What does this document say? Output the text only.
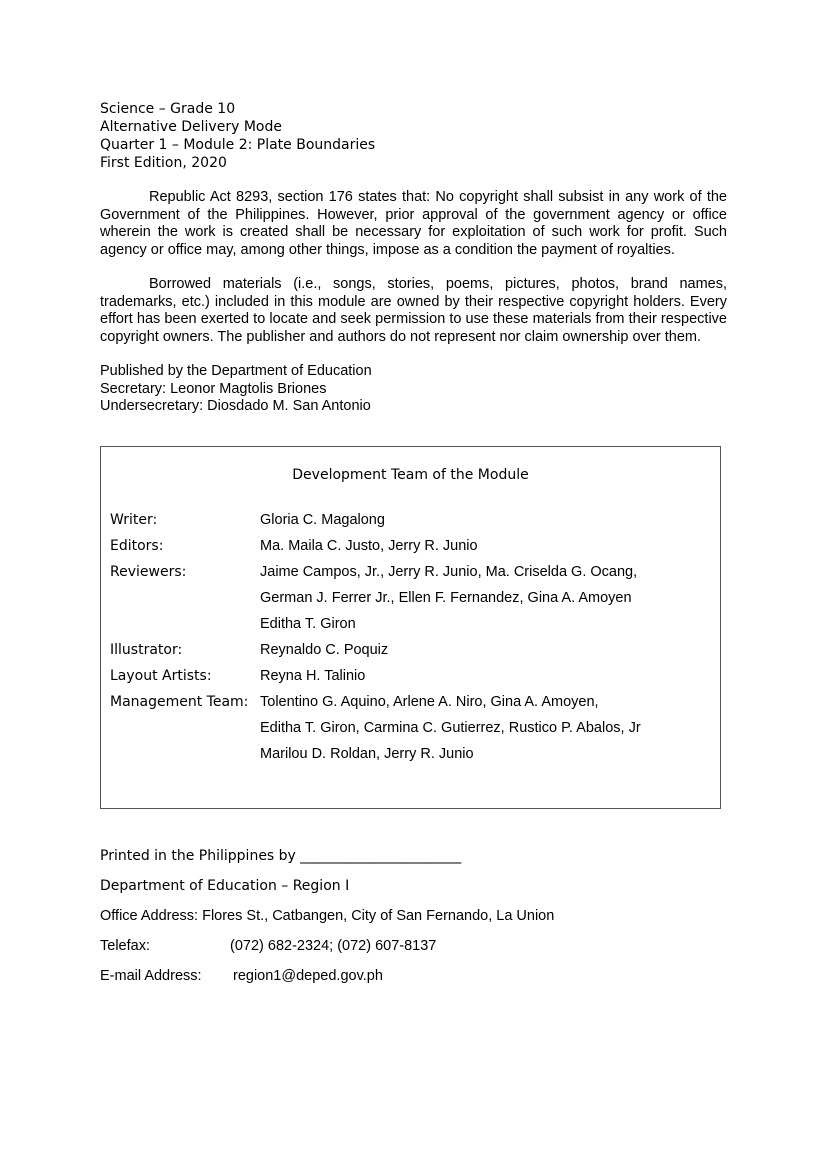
Science – Grade 10
Alternative Delivery Mode
Quarter 1 – Module 2: Plate Boundaries
First Edition, 2020

Republic Act 8293, section 176 states that: No copyright shall subsist in any work of the Government of the Philippines. However, prior approval of the government agency or office wherein the work is created shall be necessary for exploitation of such work for profit. Such agency or office may, among other things, impose as a condition the payment of royalties.

Borrowed materials (i.e., songs, stories, poems, pictures, photos, brand names, trademarks, etc.) included in this module are owned by their respective copyright holders. Every effort has been exerted to locate and seek permission to use these materials from their respective copyright owners. The publisher and authors do not represent nor claim ownership over them.

Published by the Department of Education
Secretary: Leonor Magtolis Briones
Undersecretary: Diosdado M. San Antonio
Development Team of the Module
Writer:	Gloria C. Magalong
Editors:	Ma. Maila C. Justo, Jerry R. Junio
Reviewers:	Jaime Campos, Jr., Jerry R. Junio, Ma. Criselda G. Ocang,
German J. Ferrer Jr., Ellen F. Fernandez, Gina A. Amoyen
Editha T. Giron
Illustrator:	Reynaldo C. Poquiz
Layout Artists:	Reyna H. Talinio
Management Team: Tolentino G. Aquino, Arlene A. Niro, Gina A. Amoyen,
Editha T. Giron, Carmina C. Gutierrez, Rustico P. Abalos, Jr
Marilou D. Roldan, Jerry R. Junio
Printed in the Philippines by _______________________
Department of Education – Region I
Office Address: Flores St., Catbangen, City of San Fernando, La Union
Telefax:	(072) 682-2324; (072) 607-8137
E-mail Address: region1@deped.gov.ph
